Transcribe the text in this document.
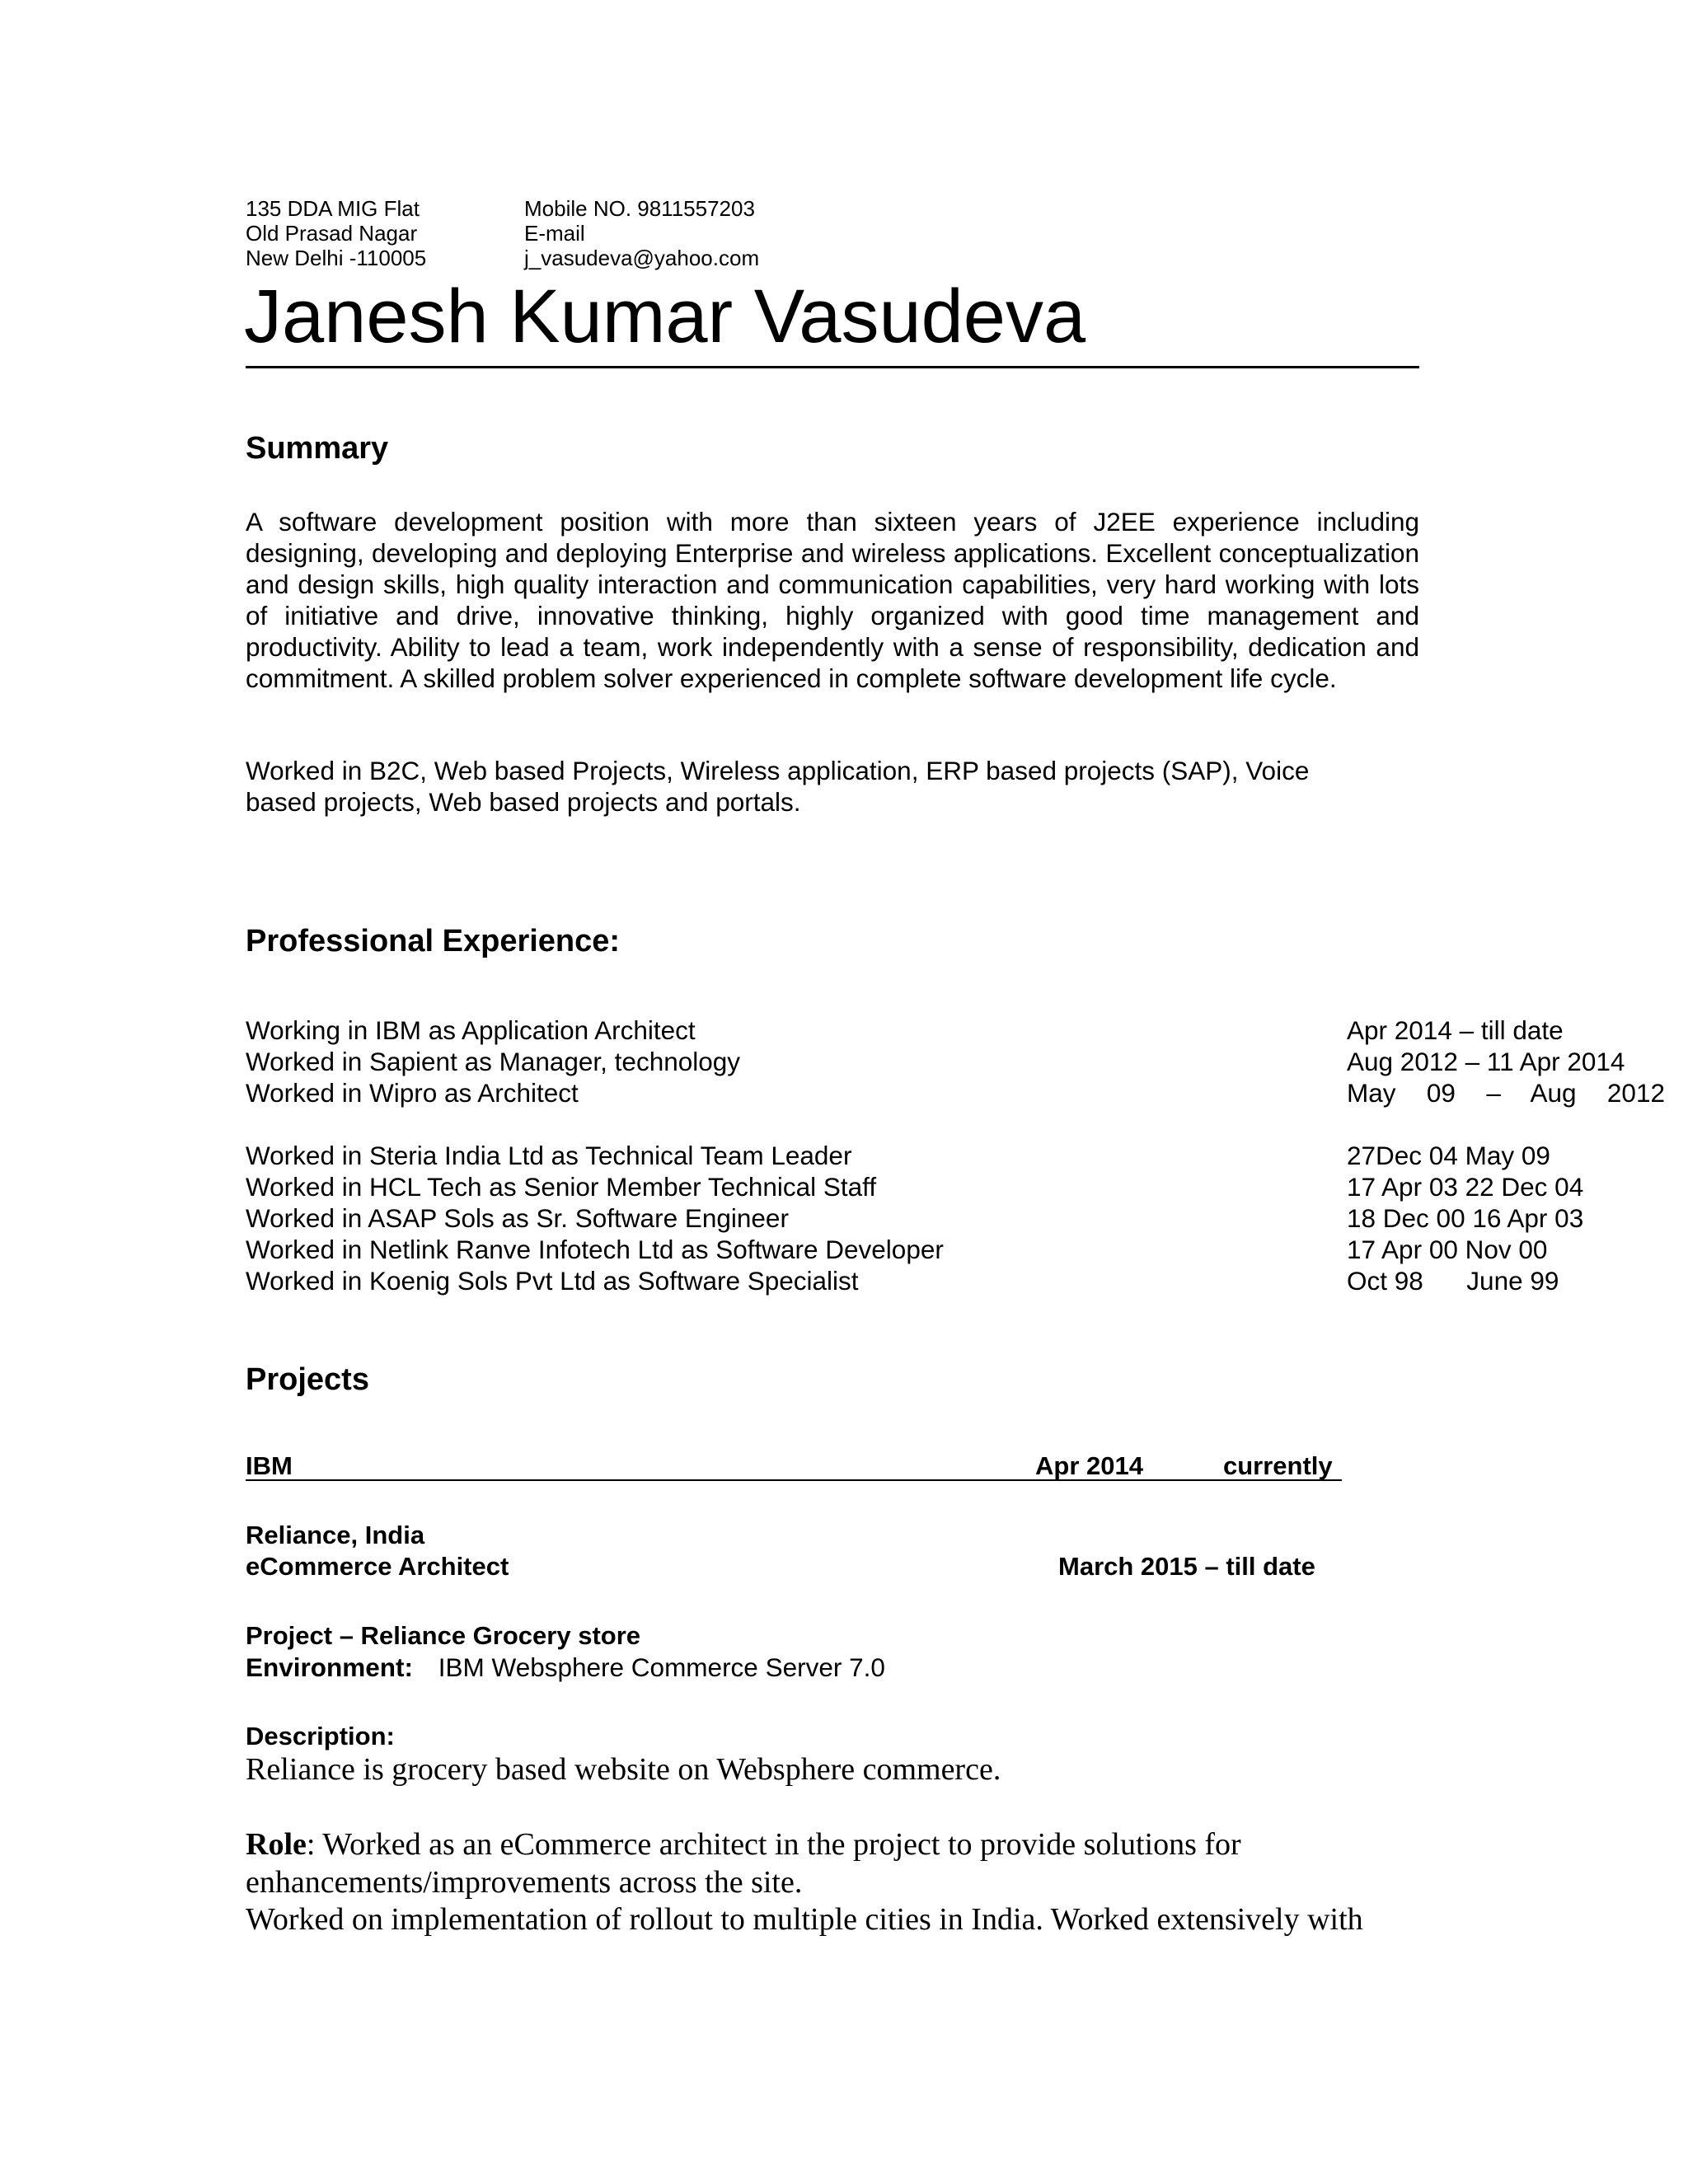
135 DDA MIG Flat
Old Prasad Nagar
New Delhi -110005
Mobile NO. 9811557203
E-mail
j_vasudeva@yahoo.com
Janesh Kumar Vasudeva
Summary
A software development position with more than sixteen years of J2EE experience including designing, developing and deploying Enterprise and wireless applications. Excellent conceptualization and design skills, high quality interaction and communication capabilities, very hard working with lots of initiative and drive, innovative thinking, highly organized with good time management and productivity. Ability to lead a team, work independently with a sense of responsibility, dedication and commitment. A skilled problem solver experienced in complete software development life cycle.
Worked in B2C, Web based Projects, Wireless application, ERP based projects (SAP), Voice based projects, Web based projects and portals.
Professional Experience:
Working in IBM as Application Architect	Apr 2014 – till date
Worked in Sapient as Manager, technology	Aug 2012 – 11 Apr 2014
Worked in Wipro as Architect	May 09 – Aug 2012
Worked in Steria India Ltd as Technical Team Leader	27Dec 04 May 09
Worked in HCL Tech as Senior Member Technical Staff	17 Apr 03 22 Dec 04
Worked in ASAP Sols as Sr. Software Engineer	18 Dec 00 16 Apr 03
Worked in Netlink Ranve Infotech Ltd as Software Developer	17 Apr 00 Nov 00
Worked in Koenig Sols Pvt Ltd as Software Specialist	Oct 98      June 99
Projects
IBM	Apr 2014	currently
Reliance, India
eCommerce Architect	March 2015 – till date
Project – Reliance Grocery store
Environment: IBM Websphere Commerce Server 7.0
Description:
Reliance is grocery based website on Websphere commerce.
Role: Worked as an eCommerce architect in the project to provide solutions for
enhancements/improvements across the site.
Worked on implementation of rollout to multiple cities in India. Worked extensively with
